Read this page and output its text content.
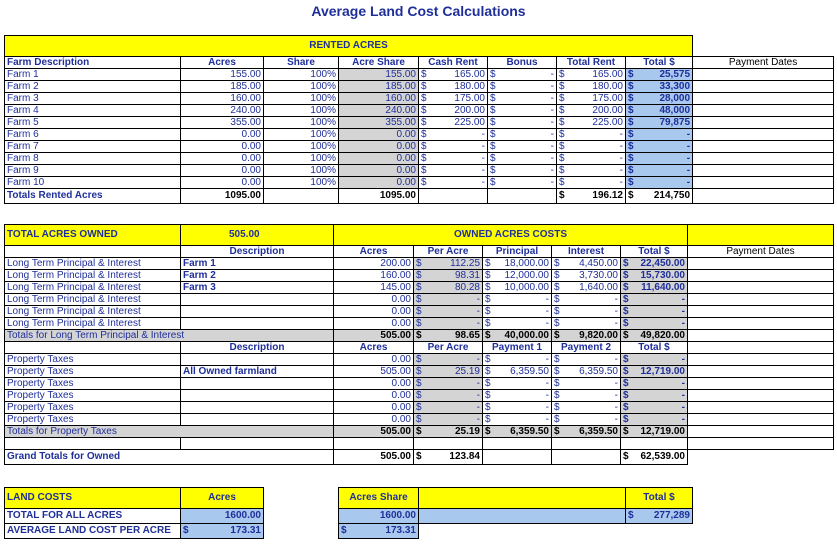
Average Land Cost Calculations
RENTED ACRES								
Farm Description	Acres	Share	Acre Share	Cash Rent	Bonus	Total Rent	Total $	Payment Dates
Farm 1	155.00	100%	155.00	$ 165.00	$ -	$ 165.00	$ 25,575	
Farm 2	185.00	100%	185.00	$ 180.00	$ -	$ 180.00	$ 33,300	
Farm 3	160.00	100%	160.00	$ 175.00	$ -	$ 175.00	$ 28,000	
Farm 4	240.00	100%	240.00	$ 200.00	$ -	$ 200.00	$ 48,000	
Farm 5	355.00	100%	355.00	$ 225.00	$ -	$ 225.00	$ 79,875	
Farm 6	0.00	100%	0.00	$ -	$ -	$ -	$ -	
Farm 7	0.00	100%	0.00	$ -	$ -	$ -	$ -	
Farm 8	0.00	100%	0.00	$ -	$ -	$ -	$ -	
Farm 9	0.00	100%	0.00	$ -	$ -	$ -	$ -	
Farm 10	0.00	100%	0.00	$ -	$ -	$ -	$ -	
Totals Rented Acres	1095.00		1095.00			$ 196.12	$ 214,750	
TOTAL ACRES OWNED	505.00	OWNED ACRES COSTS					
	Description	Acres	Per Acre	Principal	Interest	Total $	Payment Dates
Long Term Principal & Interest	Farm 1	200.00	$ 112.25	$ 18,000.00	$ 4,450.00	$ 22,450.00	
Long Term Principal & Interest	Farm 2	160.00	$ 98.31	$ 12,000.00	$ 3,730.00	$ 15,730.00	
Long Term Principal & Interest	Farm 3	145.00	$ 80.28	$ 10,000.00	$ 1,640.00	$ 11,640.00	
Long Term Principal & Interest		0.00	$ -	$ -	$ -	$ -	
Long Term Principal & Interest		0.00	$ -	$ -	$ -	$ -	
Long Term Principal & Interest		0.00	$ -	$ -	$ -	$ -	
Totals for Long Term Principal & Interest		505.00	$ 98.65	$ 40,000.00	$ 9,820.00	$ 49,820.00	
	Description	Acres	Per Acre	Payment 1	Payment 2	Total $	
Property Taxes		0.00	$ -	$ -	$ -	$ -	
Property Taxes	All Owned farmland	505.00	$ 25.19	$ 6,359.50	$ 6,359.50	$ 12,719.00	
Property Taxes		0.00	$ -	$ -	$ -	$ -	
Property Taxes		0.00	$ -	$ -	$ -	$ -	
Property Taxes		0.00	$ -	$ -	$ -	$ -	
Property Taxes		0.00	$ -	$ -	$ -	$ -	
Totals for Property Taxes		505.00	$ 25.19	$ 6,359.50	$ 6,359.50	$ 12,719.00	

Grand Totals for Owned		505.00	$ 123.84			$ 62,539.00	
LAND COSTS	Acres		Acres Share		Total $	
TOTAL FOR ALL ACRES	1600.00		1600.00		$ 277,289	
AVERAGE LAND COST PER ACRE	$ 173.31		$ 173.31			
